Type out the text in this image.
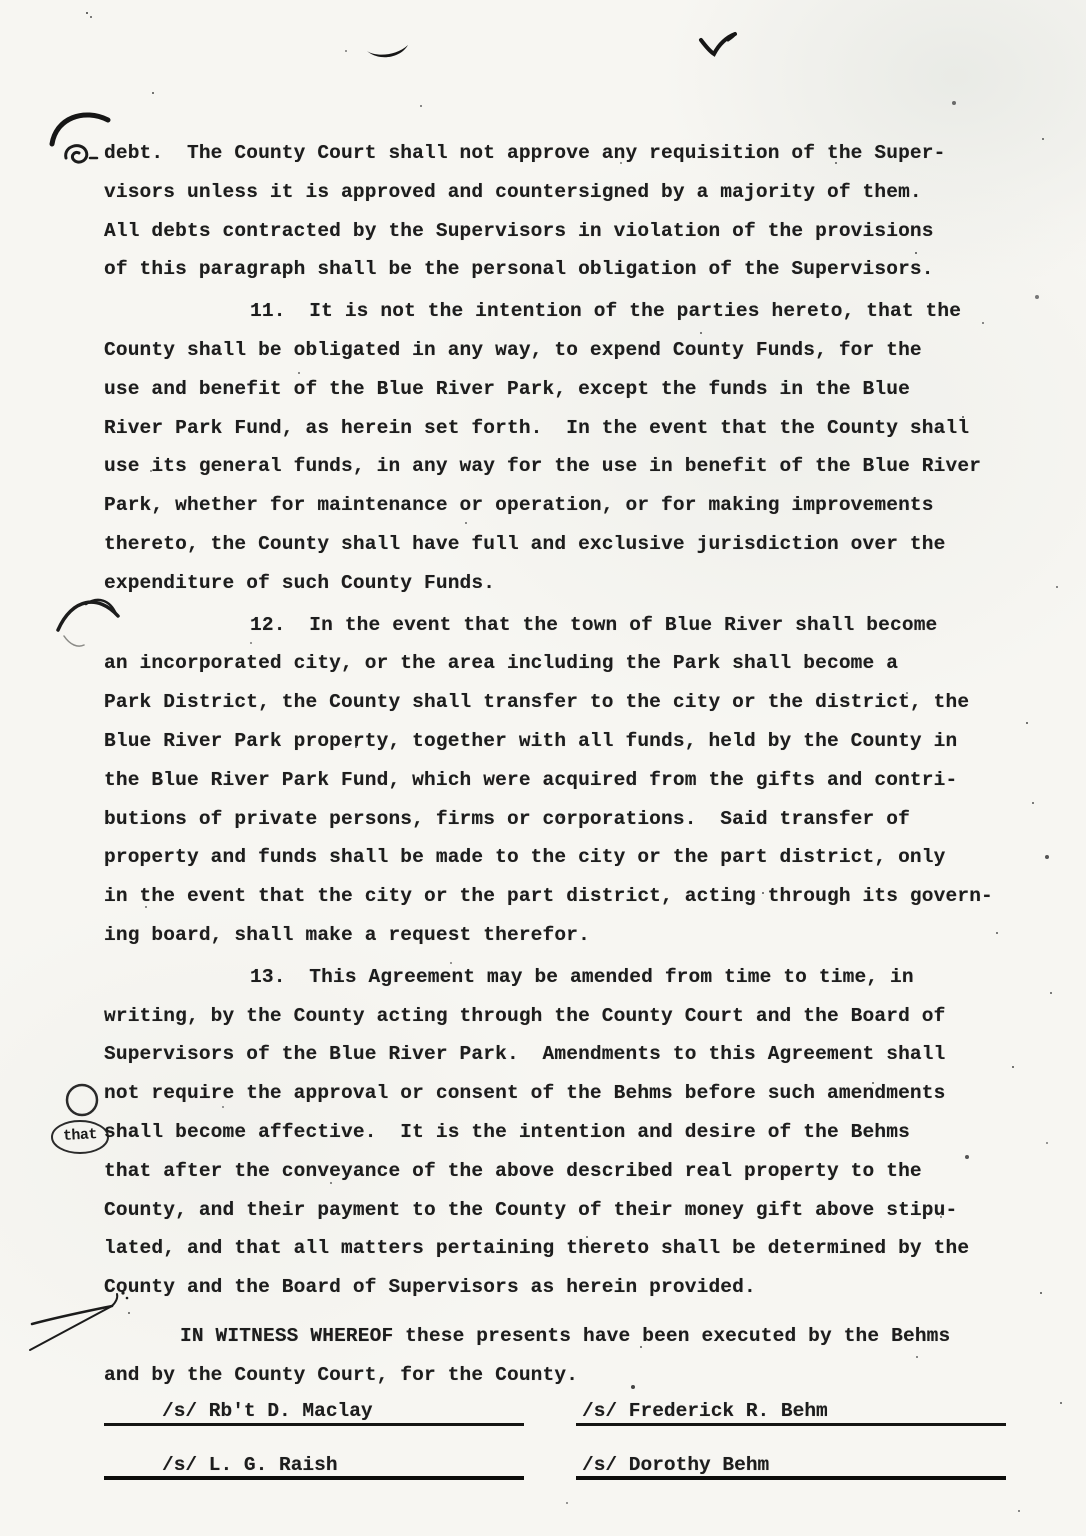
that
debt.  The County Court shall not approve any requisition of the Super-
visors unless it is approved and countersigned by a majority of them.
All debts contracted by the Supervisors in violation of the provisions
of this paragraph shall be the personal obligation of the Supervisors.
11.  It is not the intention of the parties hereto, that the
County shall be obligated in any way, to expend County Funds, for the
use and benefit of the Blue River Park, except the funds in the Blue
River Park Fund, as herein set forth.  In the event that the County shall
use its general funds, in any way for the use in benefit of the Blue River
Park, whether for maintenance or operation, or for making improvements
thereto, the County shall have full and exclusive jurisdiction over the
expenditure of such County Funds.
12.  In the event that the town of Blue River shall become
an incorporated city, or the area including the Park shall become a
Park District, the County shall transfer to the city or the district, the
Blue River Park property, together with all funds, held by the County in
the Blue River Park Fund, which were acquired from the gifts and contri-
butions of private persons, firms or corporations.  Said transfer of
property and funds shall be made to the city or the part district, only
in the event that the city or the part district, acting through its govern-
ing board, shall make a request therefor.
13.  This Agreement may be amended from time to time, in
writing, by the County acting through the County Court and the Board of
Supervisors of the Blue River Park.  Amendments to this Agreement shall
not require the approval or consent of the Behms before such amendments
shall become affective.  It is the intention and desire of the Behms
that after the conveyance of the above described real property to the
County, and their payment to the County of their money gift above stipu-
lated, and that all matters pertaining thereto shall be determined by the
County and the Board of Supervisors as herein provided.
IN WITNESS WHEREOF these presents have been executed by the Behms
and by the County Court, for the County.
/s/ Rb't D. Maclay	/s/ Frederick R. Behm
/s/ L. G. Raish	/s/ Dorothy Behm
